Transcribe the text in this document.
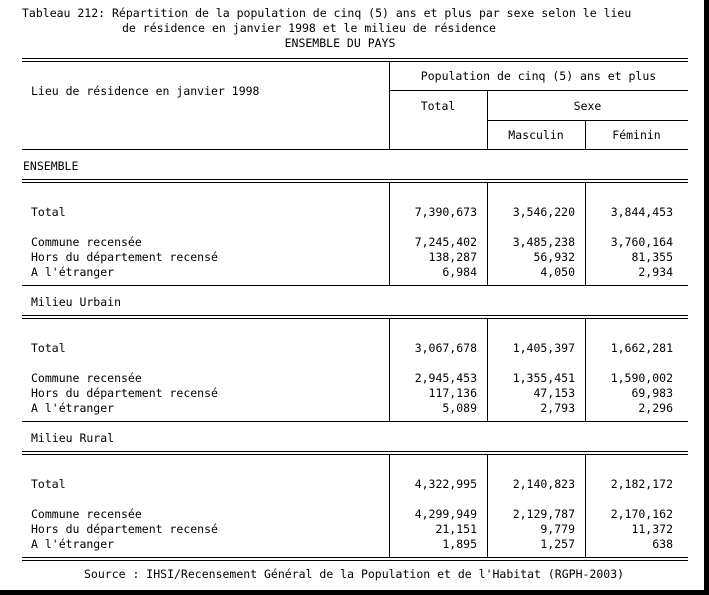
Tableau 212: Répartition de la population de cinq (5) ans et plus par sexe selon le lieu
de résidence en janvier 1998 et le milieu de résidence
ENSEMBLE DU PAYS
Lieu de résidence en janvier 1998
Population de cinq (5) ans et plus
Total	Sexe
Masculin	Féminin
ENSEMBLE
Total	7,390,673	3,546,220	3,844,453
Commune recensée	7,245,402	3,485,238	3,760,164
Hors du département recensé	138,287	56,932	81,355
A l'étranger	6,984	4,050	2,934
Milieu Urbain
Total	3,067,678	1,405,397	1,662,281
Commune recensée	2,945,453	1,355,451	1,590,002
Hors du département recensé	117,136	47,153	69,983
A l'étranger	5,089	2,793	2,296
Milieu Rural
Total	4,322,995	2,140,823	2,182,172
Commune recensée	4,299,949	2,129,787	2,170,162
Hors du département recensé	21,151	9,779	11,372
A l'étranger	1,895	1,257	638
Source : IHSI/Recensement Général de la Population et de l'Habitat (RGPH-2003)
